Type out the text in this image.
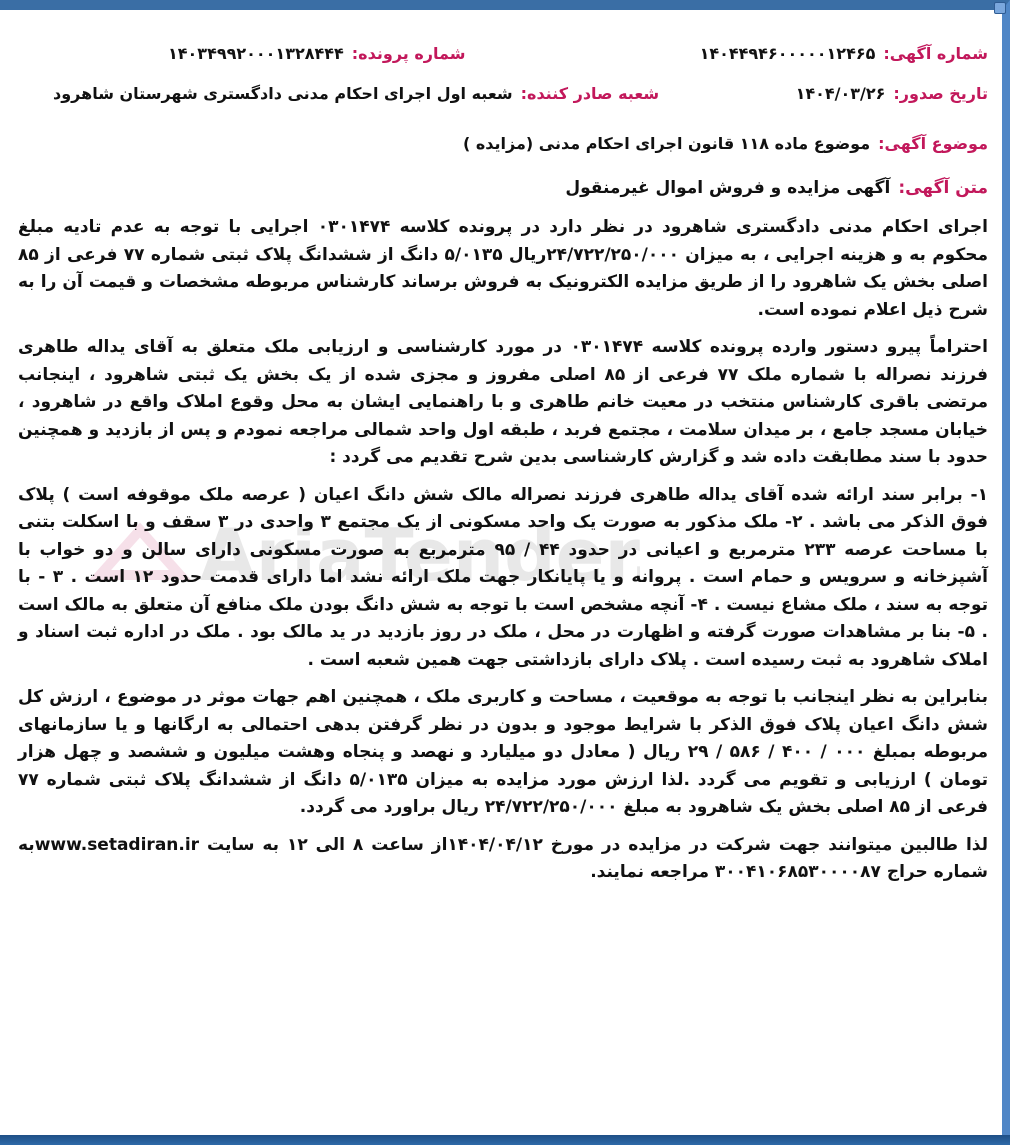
AriaTender
شماره آگهی:
۱۴۰۴۴۹۴۶۰۰۰۰۰۱۲۴۶۵
شماره پرونده:
۱۴۰۳۴۹۹۲۰۰۰۱۳۲۸۴۴۴
تاریخ صدور:
۱۴۰۴/۰۳/۲۶
شعبه صادر کننده:
شعبه اول اجرای احکام مدنی دادگستری شهرستان شاهرود
موضوع آگهی:
موضوع ماده ۱۱۸ قانون اجرای احکام مدنی (مزایده )
متن آگهی:
آگهی مزایده و فروش اموال غیرمنقول

اجرای احکام مدنی دادگستری شاهرود در نظر دارد در پرونده کلاسه ۰۳۰۱۴۷۴ اجرایی با توجه به عدم تادیه مبلغ محکوم به و هزینه اجرایی ، به میزان ۲۴/۷۲۲/۲۵۰/۰۰۰ریال ۵/۰۱۳۵ دانگ از ششدانگ پلاک ثبتی شماره ۷۷ فرعی از ۸۵ اصلی بخش یک شاهرود را از طریق مزایده الکترونیک به فروش برساند کارشناس مربوطه مشخصات و قیمت آن را به شرح ذیل اعلام نموده است.

احتراماً پیرو دستور وارده پرونده کلاسه ۰۳۰۱۴۷۴ در مورد کارشناسی و ارزیابی ملک متعلق به آقای یداله طاهری فرزند نصراله با شماره ملک ۷۷ فرعی از ۸۵ اصلی مفروز و مجزی شده از یک بخش یک ثبتی شاهرود ، اینجانب مرتضی باقری کارشناس منتخب در معیت خانم طاهری و با راهنمایی ایشان به محل وقوع املاک واقع در شاهرود ، خیابان مسجد جامع ، بر میدان سلامت ، مجتمع فربد ، طبقه اول واحد شمالی مراجعه نمودم و پس از بازدید و همچنین حدود با سند مطابقت داده شد و گزارش کارشناسی بدین شرح تقدیم می گردد :

۱- برابر سند ارائه شده آقای یداله طاهری فرزند نصراله مالک شش دانگ اعیان ( عرصه ملک موقوفه است ) پلاک فوق الذکر می باشد . ۲- ملک مذکور به صورت یک واحد مسکونی از یک مجتمع ۳ واحدی در ۳ سقف و با اسکلت بتنی با مساحت عرصه ۲۳۳ مترمربع و اعیانی در حدود ۴۴ / ۹۵ مترمربع به صورت مسکونی دارای سالن و دو خواب با آشپزخانه و سرویس و حمام است . پروانه و یا پایانکار جهت ملک ارائه نشد اما دارای قدمت حدود ۱۲ است . ۳ - با توجه به سند ، ملک مشاع نیست . ۴- آنچه مشخص است با توجه به شش دانگ بودن ملک منافع آن متعلق به مالک است . ۵- بنا بر مشاهدات صورت گرفته و اظهارت در محل ، ملک در روز بازدید در ید مالک بود . ملک در اداره ثبت اسناد و املاک شاهرود به ثبت رسیده است . پلاک دارای بازداشتی جهت همین شعبه است .

بنابراین به نظر اینجانب با توجه به موقعیت ، مساحت و کاربری ملک ، همچنین اهم جهات موثر در موضوع ، ارزش کل شش دانگ اعیان پلاک فوق الذکر با شرایط موجود و بدون در نظر گرفتن بدهی احتمالی به ارگانها و یا سازمانهای مربوطه بمبلغ ۰۰۰ / ۴۰۰ / ۵۸۶ / ۲۹ ریال ( معادل دو میلیارد و نهصد و پنجاه وهشت میلیون و ششصد و چهل هزار تومان ) ارزیابی و تقویم می گردد .لذا ارزش مورد مزایده به میزان ۵/۰۱۳۵ دانگ از ششدانگ پلاک ثبتی شماره ۷۷ فرعی از ۸۵ اصلی بخش یک شاهرود به مبلغ ۲۴/۷۲۲/۲۵۰/۰۰۰ ریال براورد می گردد.

لذا طالبین میتوانند جهت شرکت در مزایده در مورخ ۱۴۰۴/۰۴/۱۲از ساعت ۸ الی ۱۲ به سایت www.setadiran.irبه شماره حراج ۳۰۰۴۱۰۶۸۵۳۰۰۰۰۸۷ مراجعه نمایند.
